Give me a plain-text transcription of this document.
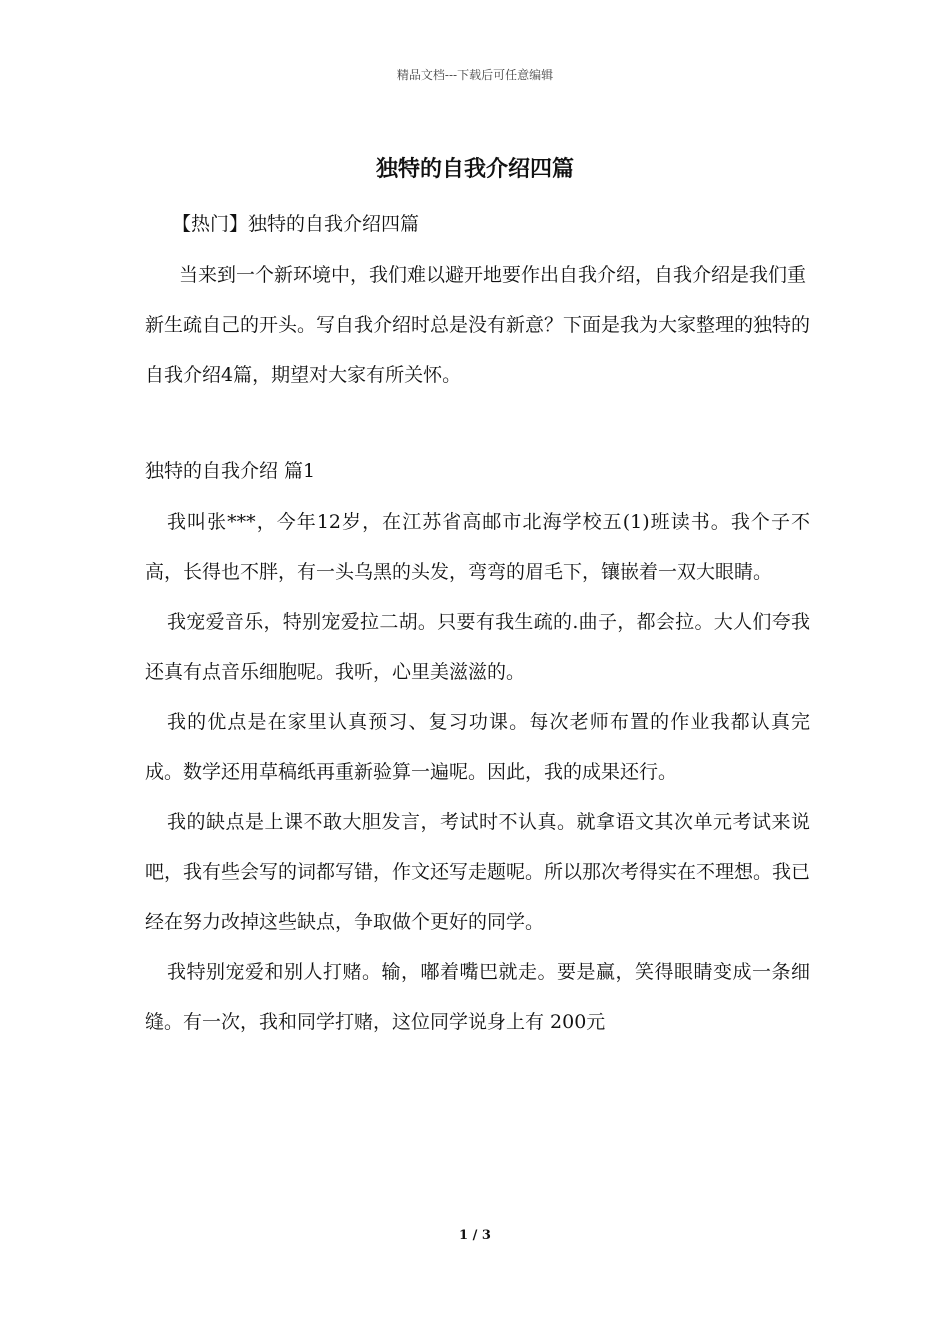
精品文档---下载后可任意编辑
独特的自我介绍四篇
【热门】独特的自我介绍四篇

当来到一个新环境中，我们难以避开地要作出自我介绍，自我介绍是我们重新生疏自己的开头。写自我介绍时总是没有新意？下面是我为大家整理的独特的自我介绍4篇，期望对大家有所关怀。

独特的自我介绍 篇1

我叫张***，今年12岁，在江苏省高邮市北海学校五(1)班读书。我个子不高，长得也不胖，有一头乌黑的头发，弯弯的眉毛下，镶嵌着一双大眼睛。

我宠爱音乐，特别宠爱拉二胡。只要有我生疏的.曲子，都会拉。大人们夸我还真有点音乐细胞呢。我听，心里美滋滋的。

我的优点是在家里认真预习、复习功课。每次老师布置的作业我都认真完成。数学还用草稿纸再重新验算一遍呢。因此，我的成果还行。

我的缺点是上课不敢大胆发言，考试时不认真。就拿语文其次单元考试来说吧，我有些会写的词都写错，作文还写走题呢。所以那次考得实在不理想。我已经在努力改掉这些缺点，争取做个更好的同学。

我特别宠爱和别人打赌。输，嘟着嘴巴就走。要是赢，笑得眼睛变成一条细缝。有一次，我和同学打赌，这位同学说身上有 200元

1 / 3
